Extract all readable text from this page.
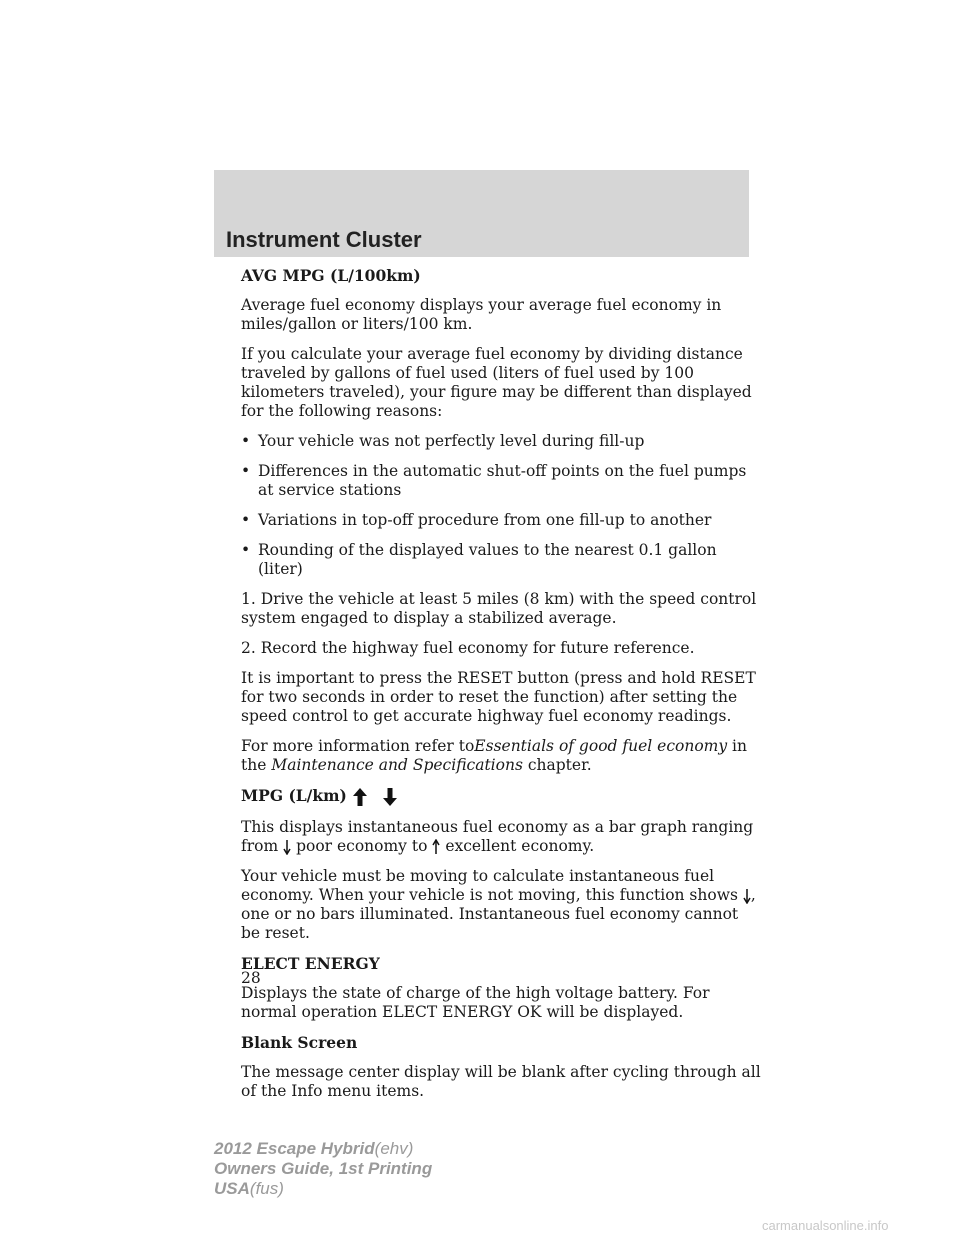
Instrument Cluster

AVG MPG (L/100km)

Average fuel economy displays your average fuel economy in miles/gallon or liters/100 km.

If you calculate your average fuel economy by dividing distance traveled by gallons of fuel used (liters of fuel used by 100 kilometers traveled), your figure may be different than displayed for the following reasons:

• Your vehicle was not perfectly level during fill-up
• Differences in the automatic shut-off points on the fuel pumps at service stations
• Variations in top-off procedure from one fill-up to another
• Rounding of the displayed values to the nearest 0.1 gallon (liter)

1. Drive the vehicle at least 5 miles (8 km) with the speed control system engaged to display a stabilized average.

2. Record the highway fuel economy for future reference.

It is important to press the RESET button (press and hold RESET for two seconds in order to reset the function) after setting the speed control to get accurate highway fuel economy readings.

For more information refer toEssentials of good fuel economy in the Maintenance and Specifications chapter.

MPG (L/km)

This displays instantaneous fuel economy as a bar graph ranging from poor economy to excellent economy.

Your vehicle must be moving to calculate instantaneous fuel economy. When your vehicle is not moving, this function shows , one or no bars illuminated. Instantaneous fuel economy cannot be reset.

ELECT ENERGY

Displays the state of charge of the high voltage battery. For normal operation ELECT ENERGY OK will be displayed.

Blank Screen

The message center display will be blank after cycling through all of the Info menu items.

28
2012 Escape Hybrid(ehv)
Owners Guide, 1st Printing
USA(fus)
carmanualsonline.info
